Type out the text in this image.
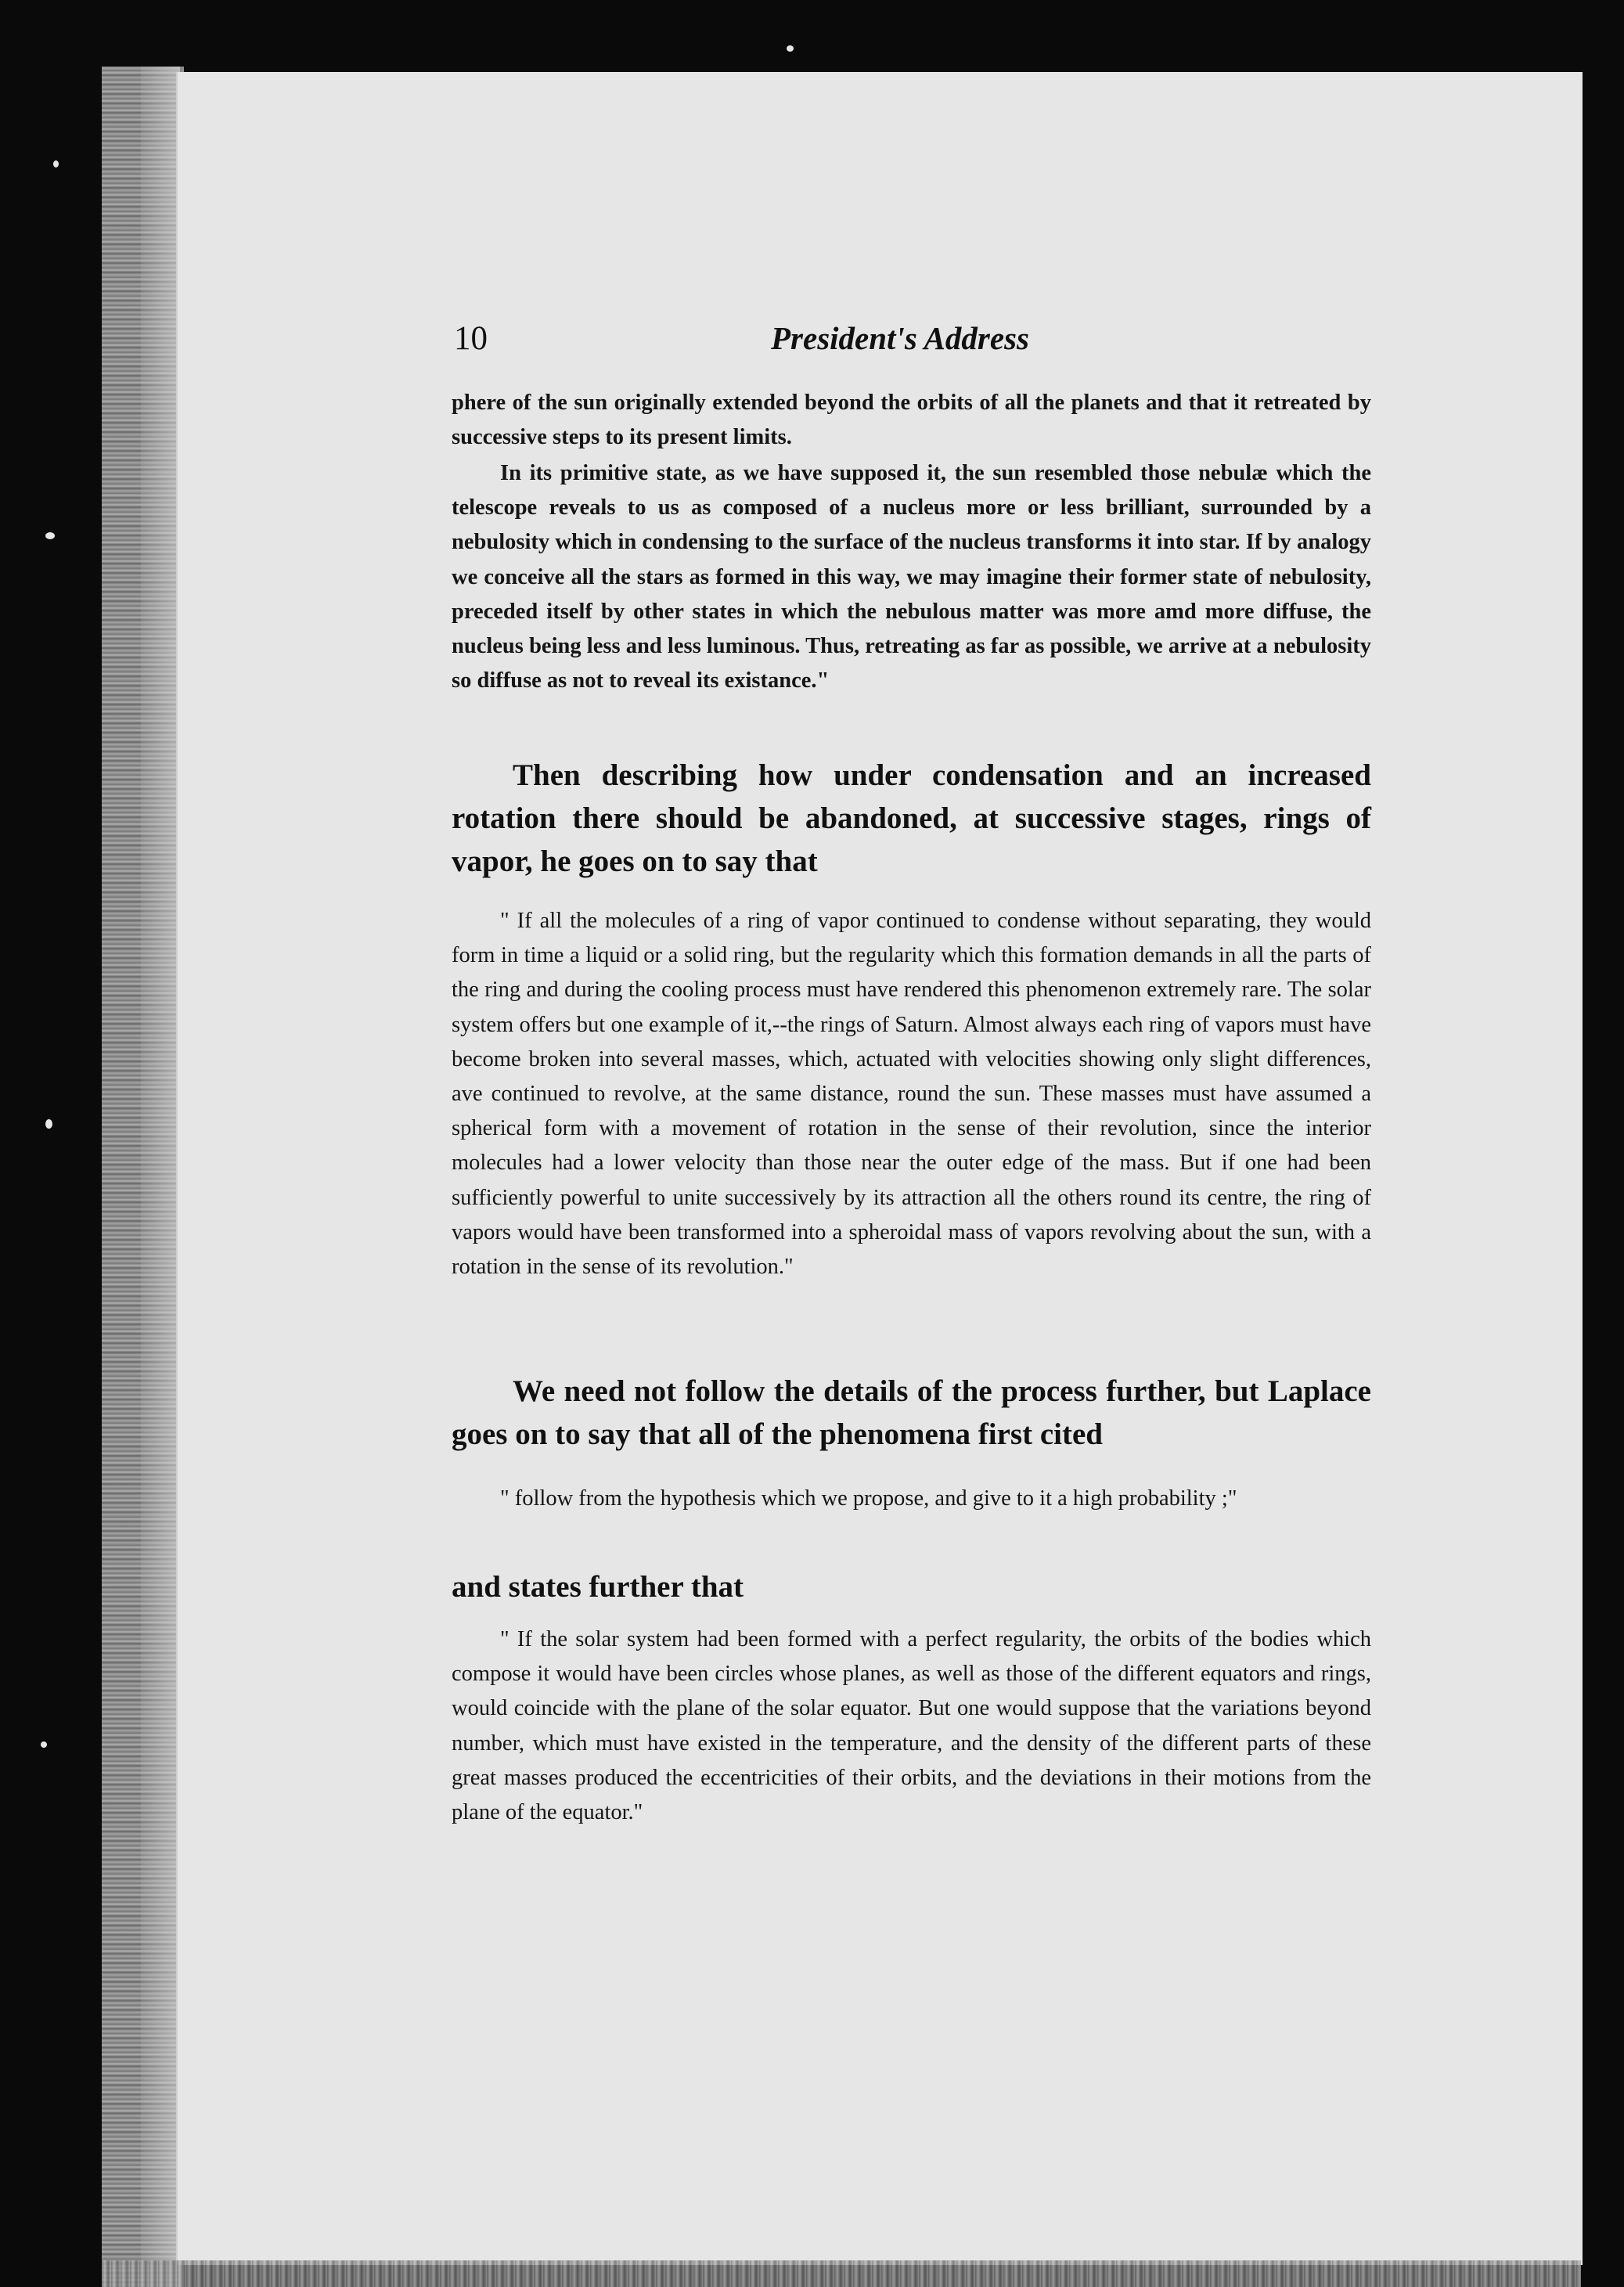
10	President's Address

phere of the sun originally extended beyond the orbits of all the planets and that it retreated by successive steps to its present limits.

In its primitive state, as we have supposed it, the sun resembled those nebulæ which the telescope reveals to us as composed of a nucleus more or less brilliant, surrounded by a nebulosity which in condensing to the surface of the nucleus transforms it into star. If by analogy we conceive all the stars as formed in this way, we may imagine their former state of nebulosity, preceded itself by other states in which the nebulous matter was more amd more diffuse, the nucleus being less and less luminous. Thus, retreating as far as possible, we arrive at a nebulosity so diffuse as not to reveal its existance."

Then describing how under condensation and an increased rotation there should be abandoned, at successive stages, rings of vapor, he goes on to say that

" If all the molecules of a ring of vapor continued to condense without separating, they would form in time a liquid or a solid ring, but the regularity which this formation demands in all the parts of the ring and during the cooling process must have rendered this phenomenon extremely rare. The solar system offers but one example of it,--the rings of Saturn. Almost always each ring of vapors must have become broken into several masses, which, actuated with velocities showing only slight differences, ave continued to revolve, at the same distance, round the sun. These masses must have assumed a spherical form with a movement of rotation in the sense of their revolution, since the interior molecules had a lower velocity than those near the outer edge of the mass. But if one had been sufficiently powerful to unite successively by its attraction all the others round its centre, the ring of vapors would have been transformed into a spheroidal mass of vapors revolving about the sun, with a rotation in the sense of its revolution."

We need not follow the details of the process further, but Laplace goes on to say that all of the phenomena first cited

" follow from the hypothesis which we propose, and give to it a high probability ;"

and states further that

" If the solar system had been formed with a perfect regularity, the orbits of the bodies which compose it would have been circles whose planes, as well as those of the different equators and rings, would coincide with the plane of the solar equator. But one would suppose that the variations beyond number, which must have existed in the temperature, and the density of the different parts of these great masses produced the eccentricities of their orbits, and the deviations in their motions from the plane of the equator."
